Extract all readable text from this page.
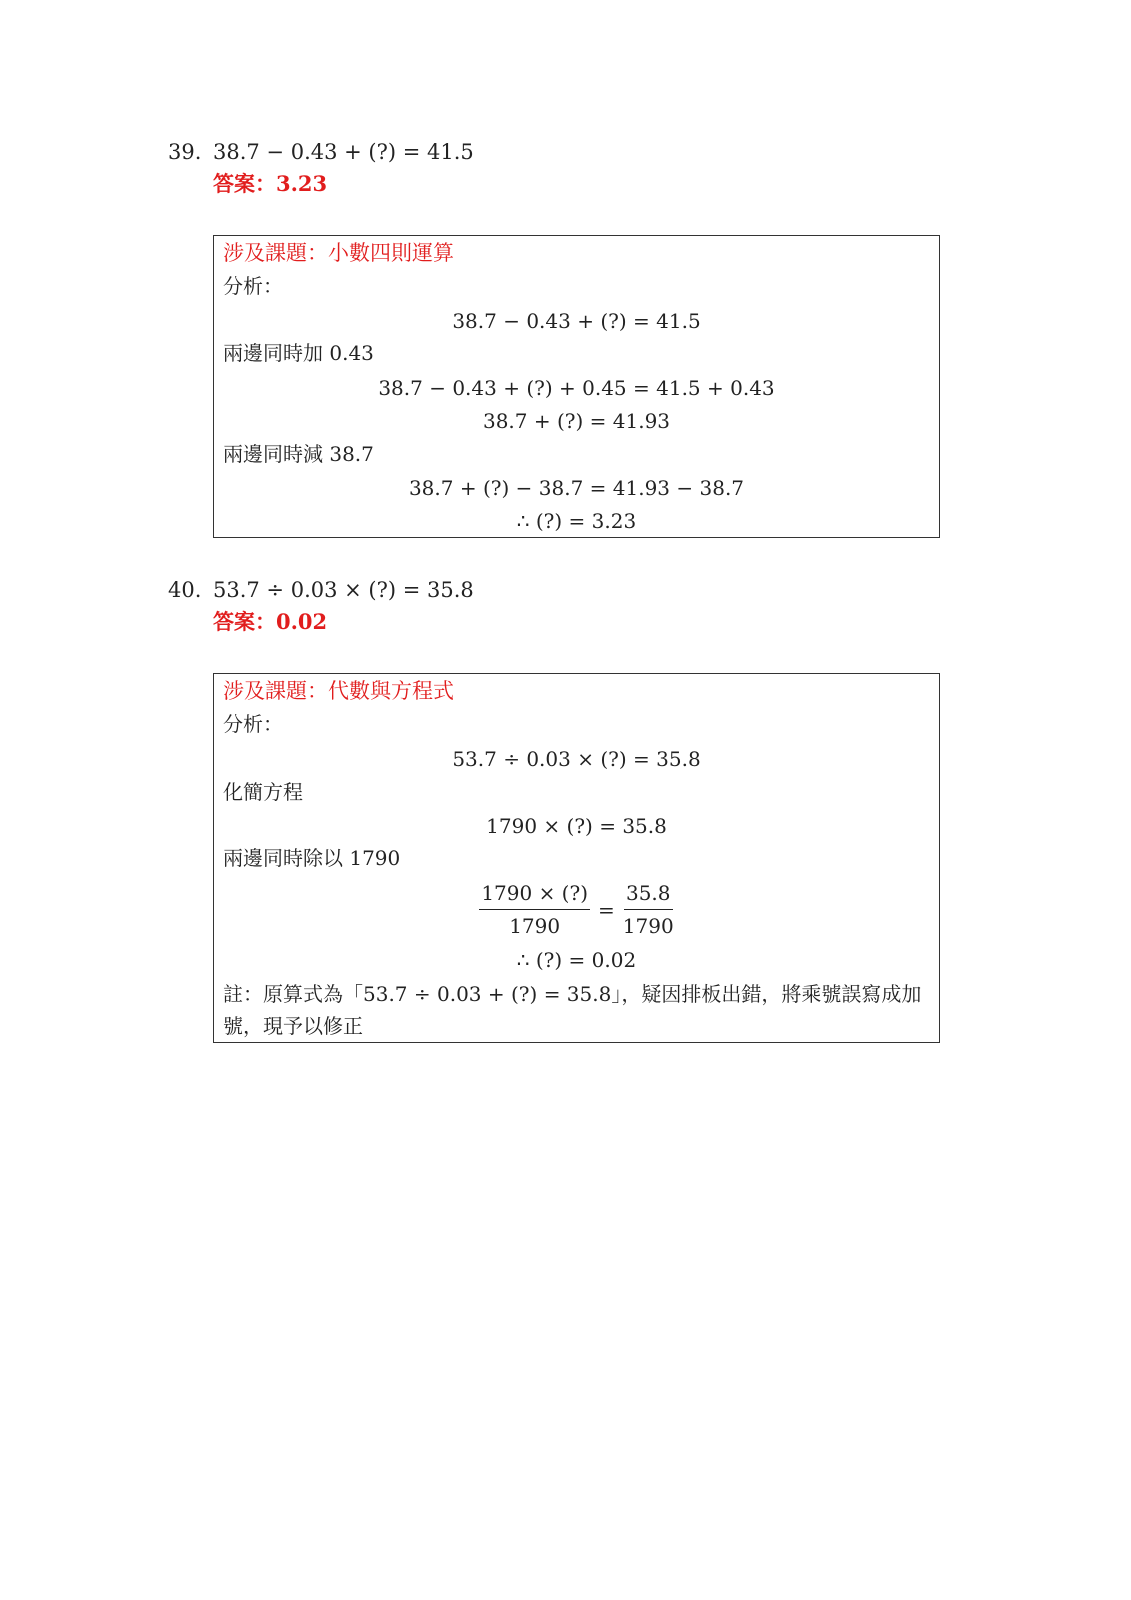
39. 38.7 − 0.43 + (?) = 41.5
答案：3.23
涉及課題：小數四則運算
分析：
38.7 − 0.43 + (?) = 41.5
兩邊同時加 0.43
38.7 − 0.43 + (?) + 0.45 = 41.5 + 0.43
38.7 + (?) = 41.93
兩邊同時減 38.7
38.7 + (?) − 38.7 = 41.93 − 38.7
∴ (?) = 3.23
40. 53.7 ÷ 0.03 × (?) = 35.8
答案：0.02
涉及課題：代數與方程式
分析：
53.7 ÷ 0.03 × (?) = 35.8
化簡方程
1790 × (?) = 35.8
兩邊同時除以 1790
$\frac{1790 \times (?)}{1790} = \frac{35.8}{1790}$
∴ (?) = 0.02
註：原算式為「53.7 ÷ 0.03 + (?) = 35.8」，疑因排板出錯，將乘號誤寫成加號，現予以修正
